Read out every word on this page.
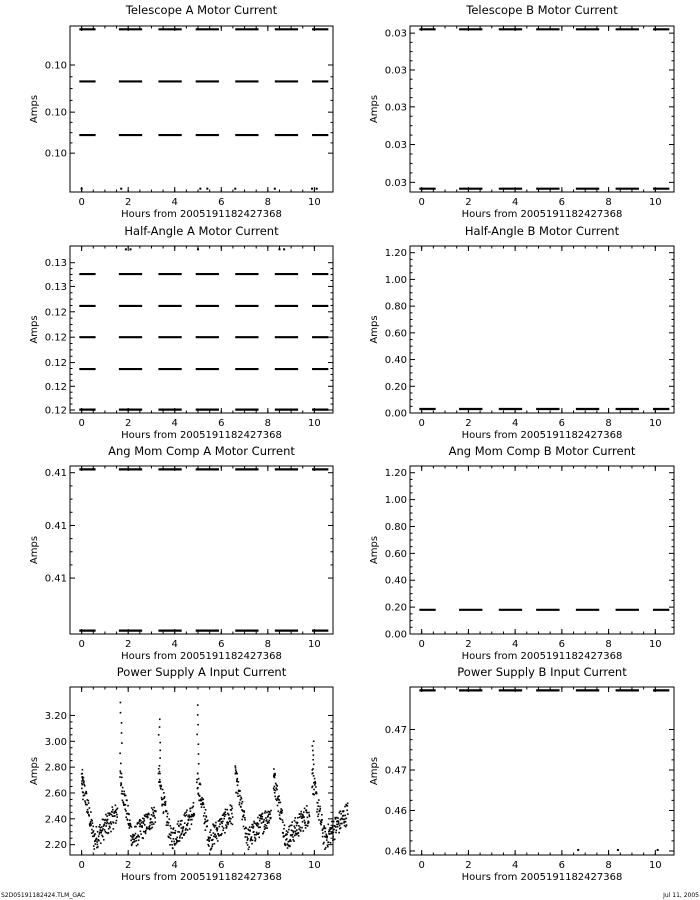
Telescope A Motor Current
0	2	4	6	8	10
0.10
0.10
0.10
Hours from 2005191182427368
Amps
Telescope B Motor Current
0	2	4	6	8	10
0.03
0.03
0.03
0.03
0.03
Hours from 2005191182427368
Amps
Half-Angle A Motor Current
0	2	4	6	8	10
0.13
0.13
0.12
0.12
0.12
0.12
0.12
Hours from 2005191182427368
Amps
Half-Angle B Motor Current
0	2	4	6	8	10
0.00
0.20
0.40
0.60
0.80
1.00
1.20
Hours from 2005191182427368
Amps
Ang Mom Comp A Motor Current
0	2	4	6	8	10
0.41
0.41
0.41
Hours from 2005191182427368
Amps
Ang Mom Comp B Motor Current
0	2	4	6	8	10
0.00
0.20
0.40
0.60
0.80
1.00
1.20
Hours from 2005191182427368
Amps
Power Supply A Input Current
0	2	4	6	8	10
2.20
2.40
2.60
2.80
3.00
3.20
Hours from 2005191182427368
Amps
Power Supply B Input Current
0	2	4	6	8	10
0.47
0.47
0.46
0.46
Hours from 2005191182427368
Amps
S2D05191182424.TLM_GAC	Jul 11, 2005
